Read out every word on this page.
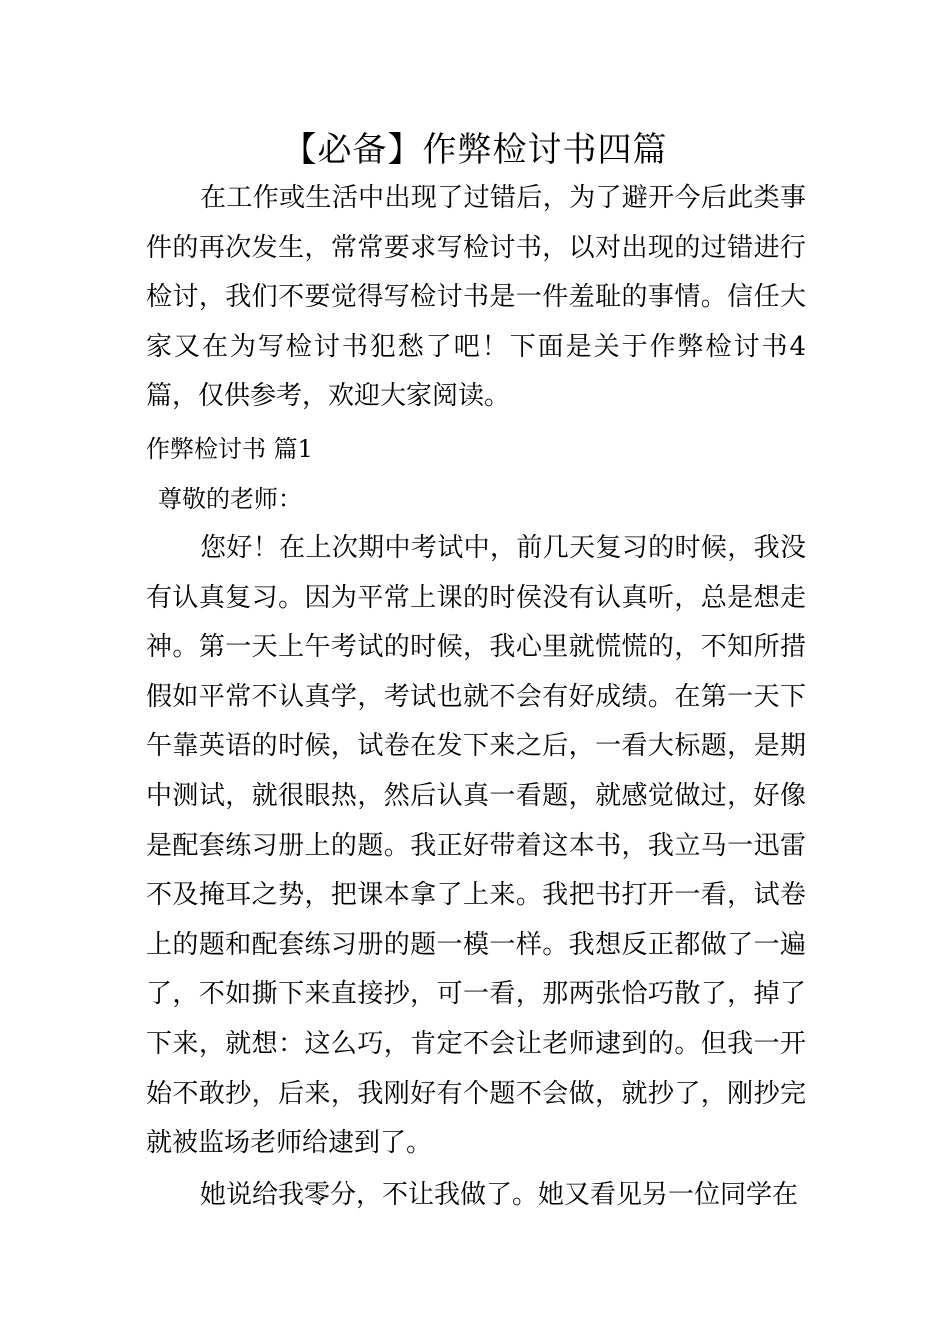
【必备】作弊检讨书四篇
在工作或生活中出现了过错后，为了避开今后此类事件的再次发生，常常要求写检讨书，以对出现的过错进行检讨，我们不要觉得写检讨书是一件羞耻的事情。信任大家又在为写检讨书犯愁了吧！下面是关于作弊检讨书4篇，仅供参考，欢迎大家阅读。
作弊检讨书 篇1
尊敬的老师：
您好！在上次期中考试中，前几天复习的时候，我没有认真复习。因为平常上课的时侯没有认真听，总是想走神。第一天上午考试的时候，我心里就慌慌的，不知所措假如平常不认真学，考试也就不会有好成绩。在第一天下午靠英语的时候，试卷在发下来之后，一看大标题，是期中测试，就很眼热，然后认真一看题，就感觉做过，好像是配套练习册上的题。我正好带着这本书，我立马一迅雷不及掩耳之势，把课本拿了上来。我把书打开一看，试卷上的题和配套练习册的题一模一样。我想反正都做了一遍了，不如撕下来直接抄，可一看，那两张恰巧散了，掉了下来，就想：这么巧，肯定不会让老师逮到的。但我一开始不敢抄，后来，我刚好有个题不会做，就抄了，刚抄完就被监场老师给逮到了。
她说给我零分，不让我做了。她又看见另一位同学在
